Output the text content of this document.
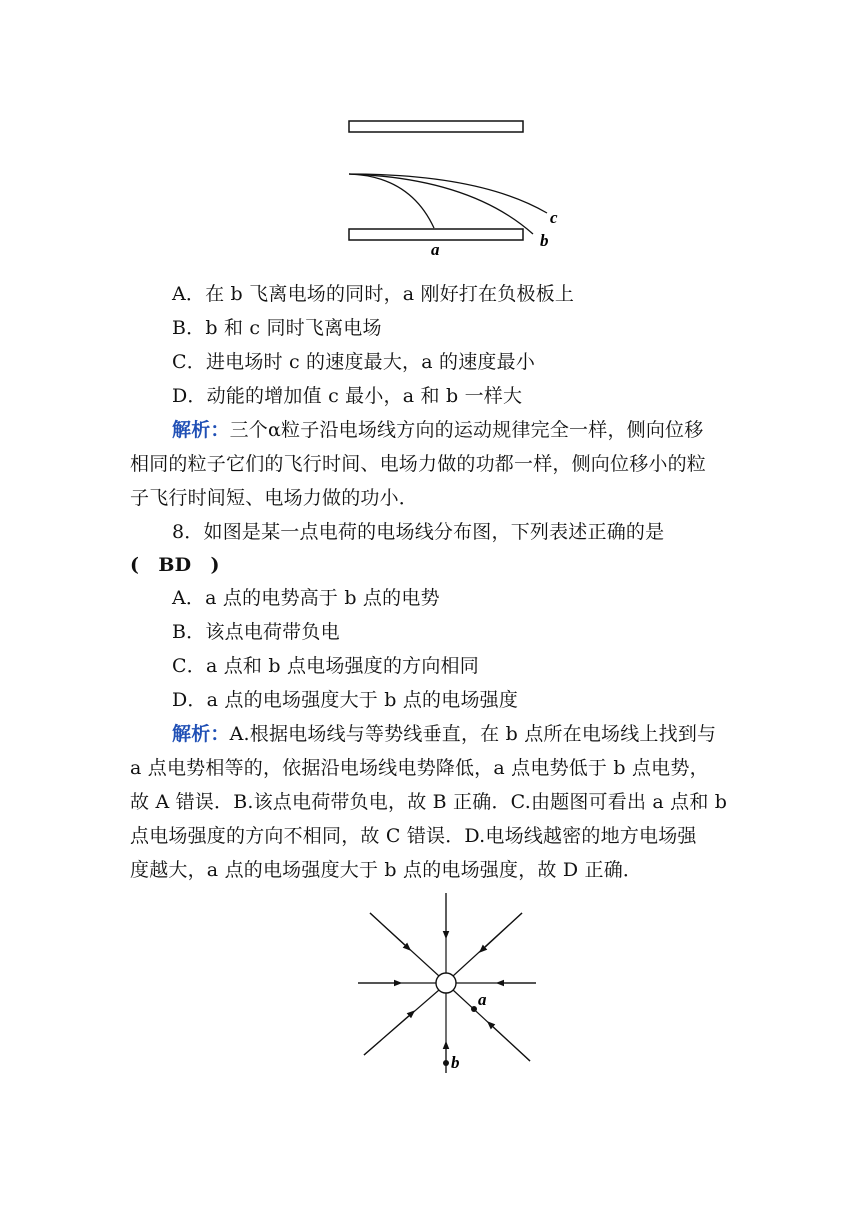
a	b
c
A．在 b 飞离电场的同时，a 刚好打在负极板上
B．b 和 c 同时飞离电场
C．进电场时 c 的速度最大，a 的速度最小
D．动能的增加值 c 最小，a 和 b 一样大
解析：三个α粒子沿电场线方向的运动规律完全一样，侧向位移
相同的粒子它们的飞行时间、电场力做的功都一样，侧向位移小的粒
子飞行时间短、电场力做的功小．
8．如图是某一点电荷的电场线分布图，下列表述正确的是
(　BD　)
A．a 点的电势高于 b 点的电势
B．该点电荷带负电
C．a 点和 b 点电场强度的方向相同
D．a 点的电场强度大于 b 点的电场强度
解析：A.根据电场线与等势线垂直，在 b 点所在电场线上找到与
a 点电势相等的，依据沿电场线电势降低，a 点电势低于 b 点电势，
故 A 错误．B.该点电荷带负电，故 B 正确．C.由题图可看出 a 点和 b
点电场强度的方向不相同，故 C 错误．D.电场线越密的地方电场强
度越大，a 点的电场强度大于 b 点的电场强度，故 D 正确．
a
b
